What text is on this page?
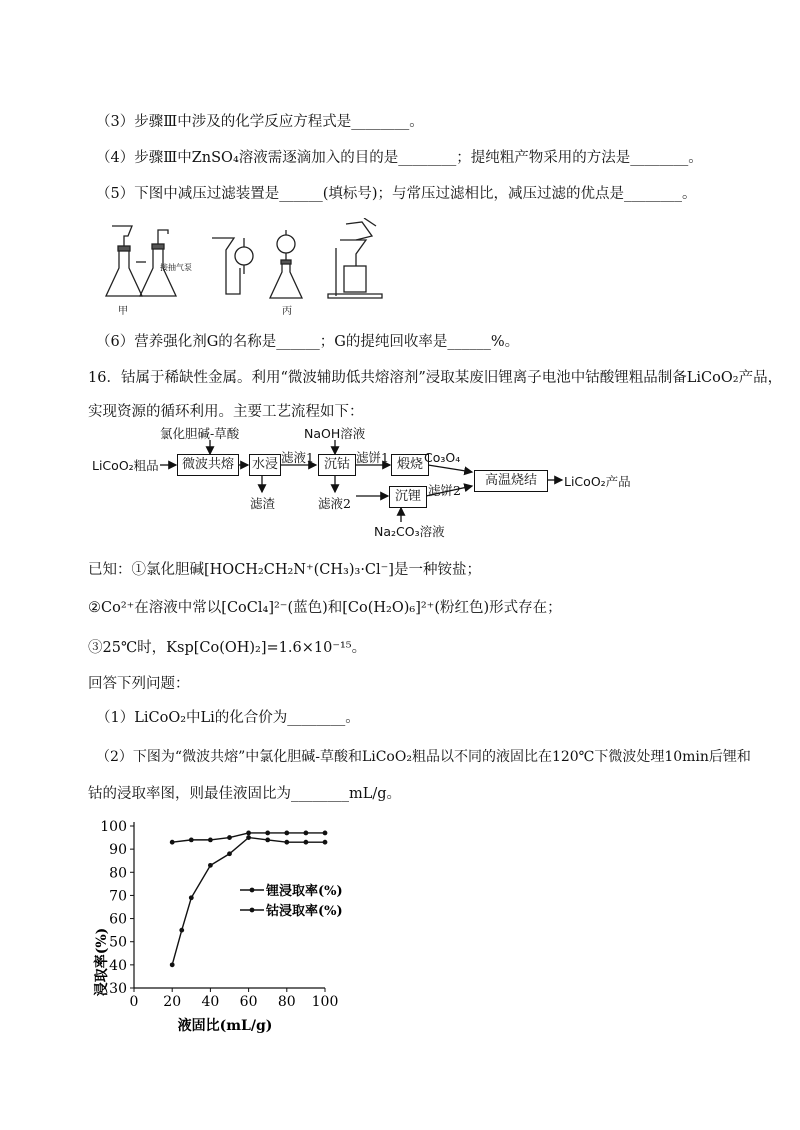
（3）步骤Ⅲ中涉及的化学反应方程式是________。
（4）步骤Ⅲ中ZnSO₄溶液需逐滴加入的目的是________；提纯粗产物采用的方法是________。
（5）下图中减压过滤装置是______(填标号)；与常压过滤相比，减压过滤的优点是________。
甲	丙
接抽气泵
（6）营养强化剂G的名称是______；G的提纯回收率是______%。
16．钴属于稀缺性金属。利用“微波辅助低共熔溶剂”浸取某废旧锂离子电池中钴酸锂粗品制备LiCoO₂产品，
实现资源的循环利用。主要工艺流程如下：
LiCoO₂粗品
氯化胆碱-草酸
微波共熔	水浸 滤液1
滤渣
NaOH溶液
沉钴 滤饼1 煅烧 Co₃O₄
滤液2	沉锂 滤饼2
Na₂CO₃溶液
高温烧结	LiCoO₂产品
已知：①氯化胆碱[HOCH₂CH₂N⁺(CH₃)₃·Cl⁻]是一种铵盐；
②Co²⁺在溶液中常以[CoCl₄]²⁻(蓝色)和[Co(H₂O)₆]²⁺(粉红色)形式存在；
③25℃时，Ksp[Co(OH)₂]=1.6×10⁻¹⁵。
回答下列问题：
（1）LiCoO₂中Li的化合价为________。
（2）下图为“微波共熔”中氯化胆碱-草酸和LiCoO₂粗品以不同的液固比在120℃下微波处理10min后锂和
钴的浸取率图，则最佳液固比为________mL/g。
30
40
50
60
70
80
90
100
0 20 40 60 80 100
锂浸取率(%)
钴浸取率(%)
浸取率(%)
液固比(mL/g)
